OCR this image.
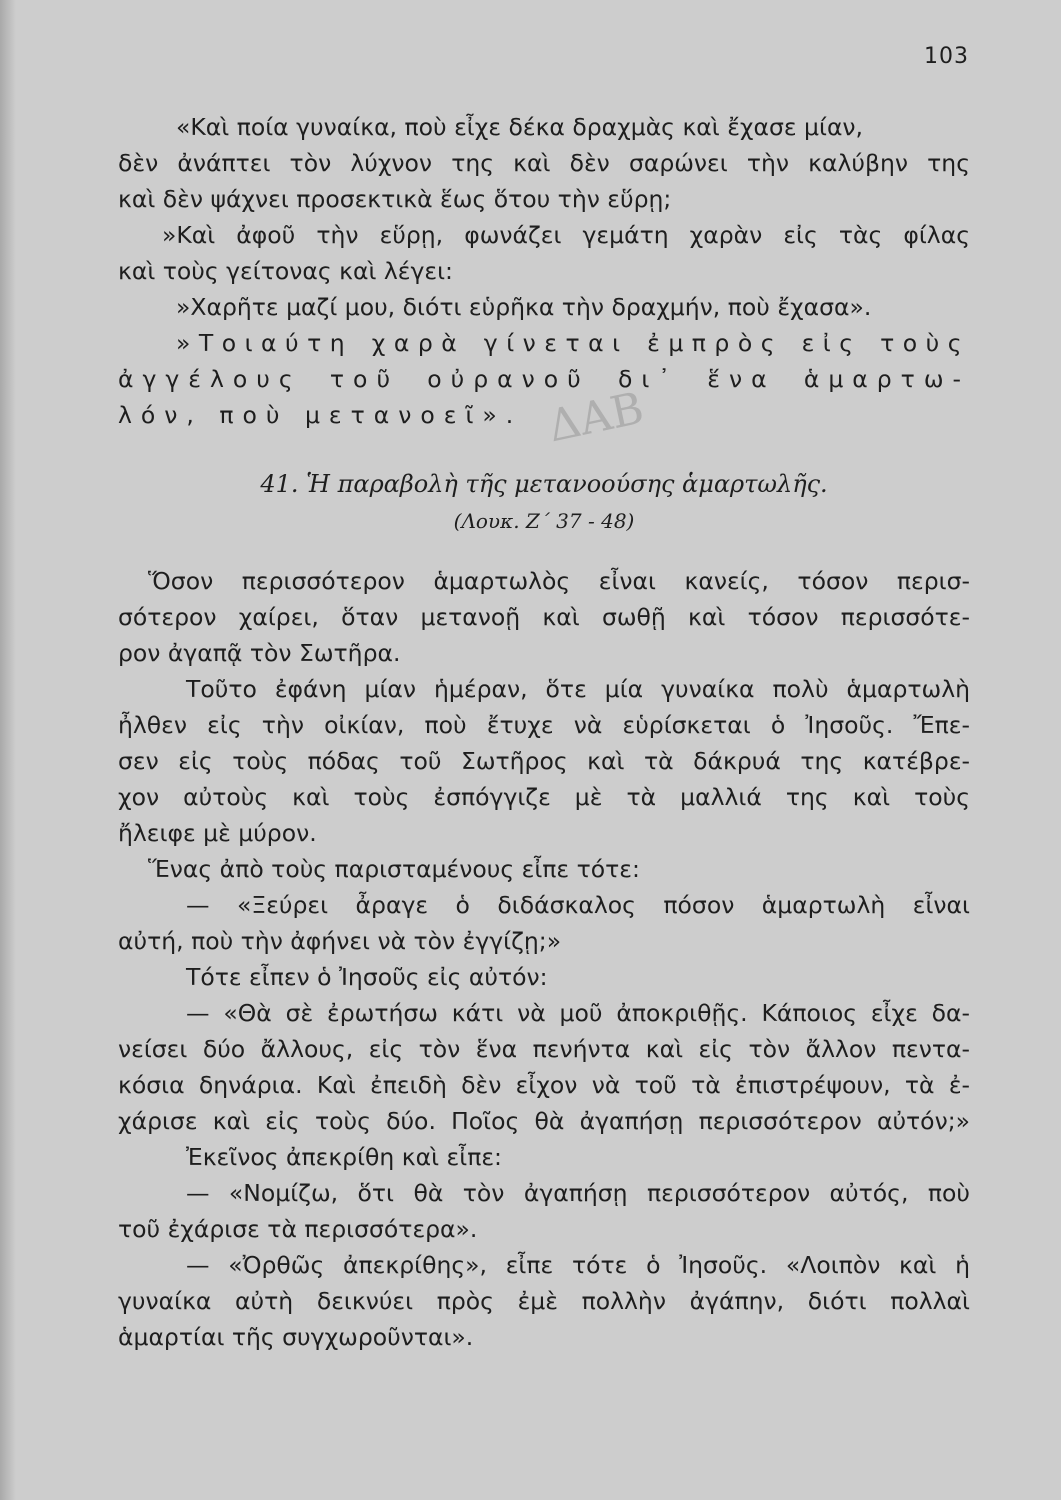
103
«Καὶ ποία γυναίκα, ποὺ εἶχε δέκα δραχμὰς καὶ ἔχασε μίαν,
δὲν ἀνάπτει τὸν λύχνον της καὶ δὲν σαρώνει τὴν καλύβην της
καὶ δὲν ψάχνει προσεκτικὰ ἕως ὅτου τὴν εὕρῃ;
»Καὶ ἀφοῦ τὴν εὕρῃ, φωνάζει γεμάτη χαρὰν εἰς τὰς φίλας
καὶ τοὺς γείτονας καὶ λέγει:
»Χαρῆτε μαζί μου, διότι εὑρῆκα τὴν δραχμήν, ποὺ ἔχασα».
»Τοιαύτη χαρὰ γίνεται ἐμπρὸς εἰς τοὺς
ἀγγέλους τοῦ οὐρανοῦ δι᾽ ἕνα ἁμαρτω-
λόν, ποὺ μετανοεῖ». ΔΑΒ
41. Ἡ παραβολὴ τῆς μετανοούσης ἁμαρτωλῆς.
(Λουκ. Ζ´ 37 - 48)
Ὅσον περισσότερον ἁμαρτωλὸς εἶναι κανείς, τόσον περισ-
σότερον χαίρει, ὅταν μετανοῇ καὶ σωθῇ καὶ τόσον περισσότε-
ρον ἀγαπᾷ τὸν Σωτῆρα.
Τοῦτο ἐφάνη μίαν ἡμέραν, ὅτε μία γυναίκα πολὺ ἁμαρτωλὴ
ἦλθεν εἰς τὴν οἰκίαν, ποὺ ἔτυχε νὰ εὑρίσκεται ὁ Ἰησοῦς. Ἔπε-
σεν εἰς τοὺς πόδας τοῦ Σωτῆρος καὶ τὰ δάκρυά της κατέβρε-
χον αὐτοὺς καὶ τοὺς ἐσπόγγιζε μὲ τὰ μαλλιά της καὶ τοὺς
ἤλειφε μὲ μύρον.
Ἕνας ἀπὸ τοὺς παρισταμένους εἶπε τότε:
— «Ξεύρει ἆραγε ὁ διδάσκαλος πόσον ἁμαρτωλὴ εἶναι
αὐτή, ποὺ τὴν ἀφήνει νὰ τὸν ἐγγίζῃ;»
Τότε εἶπεν ὁ Ἰησοῦς εἰς αὐτόν:
— «Θὰ σὲ ἐρωτήσω κάτι νὰ μοῦ ἀποκριθῇς. Κάποιος εἶχε δα-
νείσει δύο ἄλλους, εἰς τὸν ἕνα πενήντα καὶ εἰς τὸν ἄλλον πεντα-
κόσια δηνάρια. Καὶ ἐπειδὴ δὲν εἶχον νὰ τοῦ τὰ ἐπιστρέψουν, τὰ ἐ-
χάρισε καὶ εἰς τοὺς δύο. Ποῖος θὰ ἀγαπήσῃ περισσότερον αὐτόν;»
Ἐκεῖνος ἀπεκρίθη καὶ εἶπε:
— «Νομίζω, ὅτι θὰ τὸν ἀγαπήσῃ περισσότερον αὐτός, ποὺ
τοῦ ἐχάρισε τὰ περισσότερα».
— «Ὀρθῶς ἀπεκρίθης», εἶπε τότε ὁ Ἰησοῦς. «Λοιπὸν καὶ ἡ
γυναίκα αὐτὴ δεικνύει πρὸς ἐμὲ πολλὴν ἀγάπην, διότι πολλαὶ
ἁμαρτίαι τῆς συγχωροῦνται».
